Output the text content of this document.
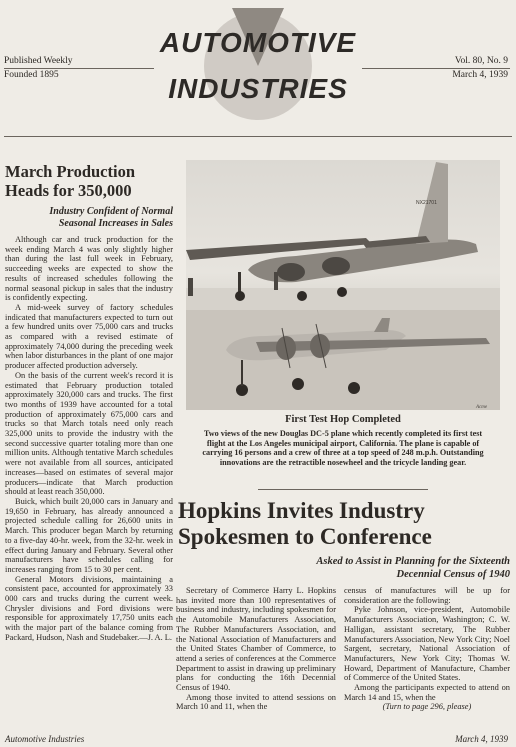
Published Weekly
Founded 1895
AUTOMOTIVE
INDUSTRIES
Vol. 80, No. 9
March 4, 1939
March Production Heads for 350,000
Industry Confident of Normal Seasonal Increases in Sales

Although car and truck production for the week ending March 4 was only slightly higher than during the last full week in February, succeeding weeks are expected to show the results of increased schedules following the normal seasonal pickup in sales that the industry is confidently expecting.

A mid-week survey of factory schedules indicated that manufacturers expected to turn out a few hundred units over 75,000 cars and trucks as compared with a revised estimate of approximately 74,000 during the preceding week when labor disturbances in the plant of one major producer affected production adversely.

On the basis of the current week's record it is estimated that February production totaled approximately 320,000 cars and trucks. The first two months of 1939 have accounted for a total production of approximately 675,000 cars and trucks so that March totals need only reach 325,000 units to provide the industry with the second successive quarter totaling more than one million units. Although tentative March schedules were not available from all sources, anticipated increases—based on estimates of several major producers—indicate that March production should at least reach 350,000.

Buick, which built 20,000 cars in January and 19,650 in February, has already announced a projected schedule calling for 26,600 units in March. This producer began March by returning to a five-day 40-hr. week, from the 32-hr. week in effect during January and February. Several other manufacturers have schedules calling for increases ranging from 15 to 30 per cent.

General Motors divisions, maintaining a consistent pace, accounted for approximately 33 000 cars and trucks during the current week. Chrysler divisions and Ford divisions were responsible for approximately 17,750 units each with the major part of the balance coming from Packard, Hudson, Nash and Studebaker.—J. A. L.

NX21701
Acme
First Test Hop Completed
Two views of the new Douglas DC-5 plane which recently completed its first test flight at the Los Angeles municipal airport, California. The plane is capable of carrying 16 persons and a crew of three at a top speed of 248 m.p.h. Outstanding innovations are the retractible nosewheel and the tricycle landing gear.
Hopkins Invites Industry Spokesmen to Conference
Asked to Assist in Planning for the Sixteenth Decennial Census of 1940

Secretary of Commerce Harry L. Hopkins has invited more than 100 representatives of business and industry, including spokesmen for the Automobile Manufacturers Association, The Rubber Manufacturers Association, and the National Association of Manufacturers and the United States Chamber of Commerce, to attend a series of conferences at the Commerce Department to assist in drawing up preliminary plans for conducting the 16th Decennial Census of 1940.

Among those invited to attend sessions on March 10 and 11, when the

census of manufactures will be up for consideration are the following:

Pyke Johnson, vice-president, Automobile Manufacturers Association, Washington; C. W. Halligan, assistant secretary, The Rubber Manufacturers Association, New York City; Noel Sargent, secretary, National Association of Manufacturers, New York City; Thomas W. Howard, Department of Manufacture, Chamber of Commerce of the United States.

Among the participants expected to attend on March 14 and 15, when the

(Turn to page 296, please)
Automotive Industries	March 4, 1939
